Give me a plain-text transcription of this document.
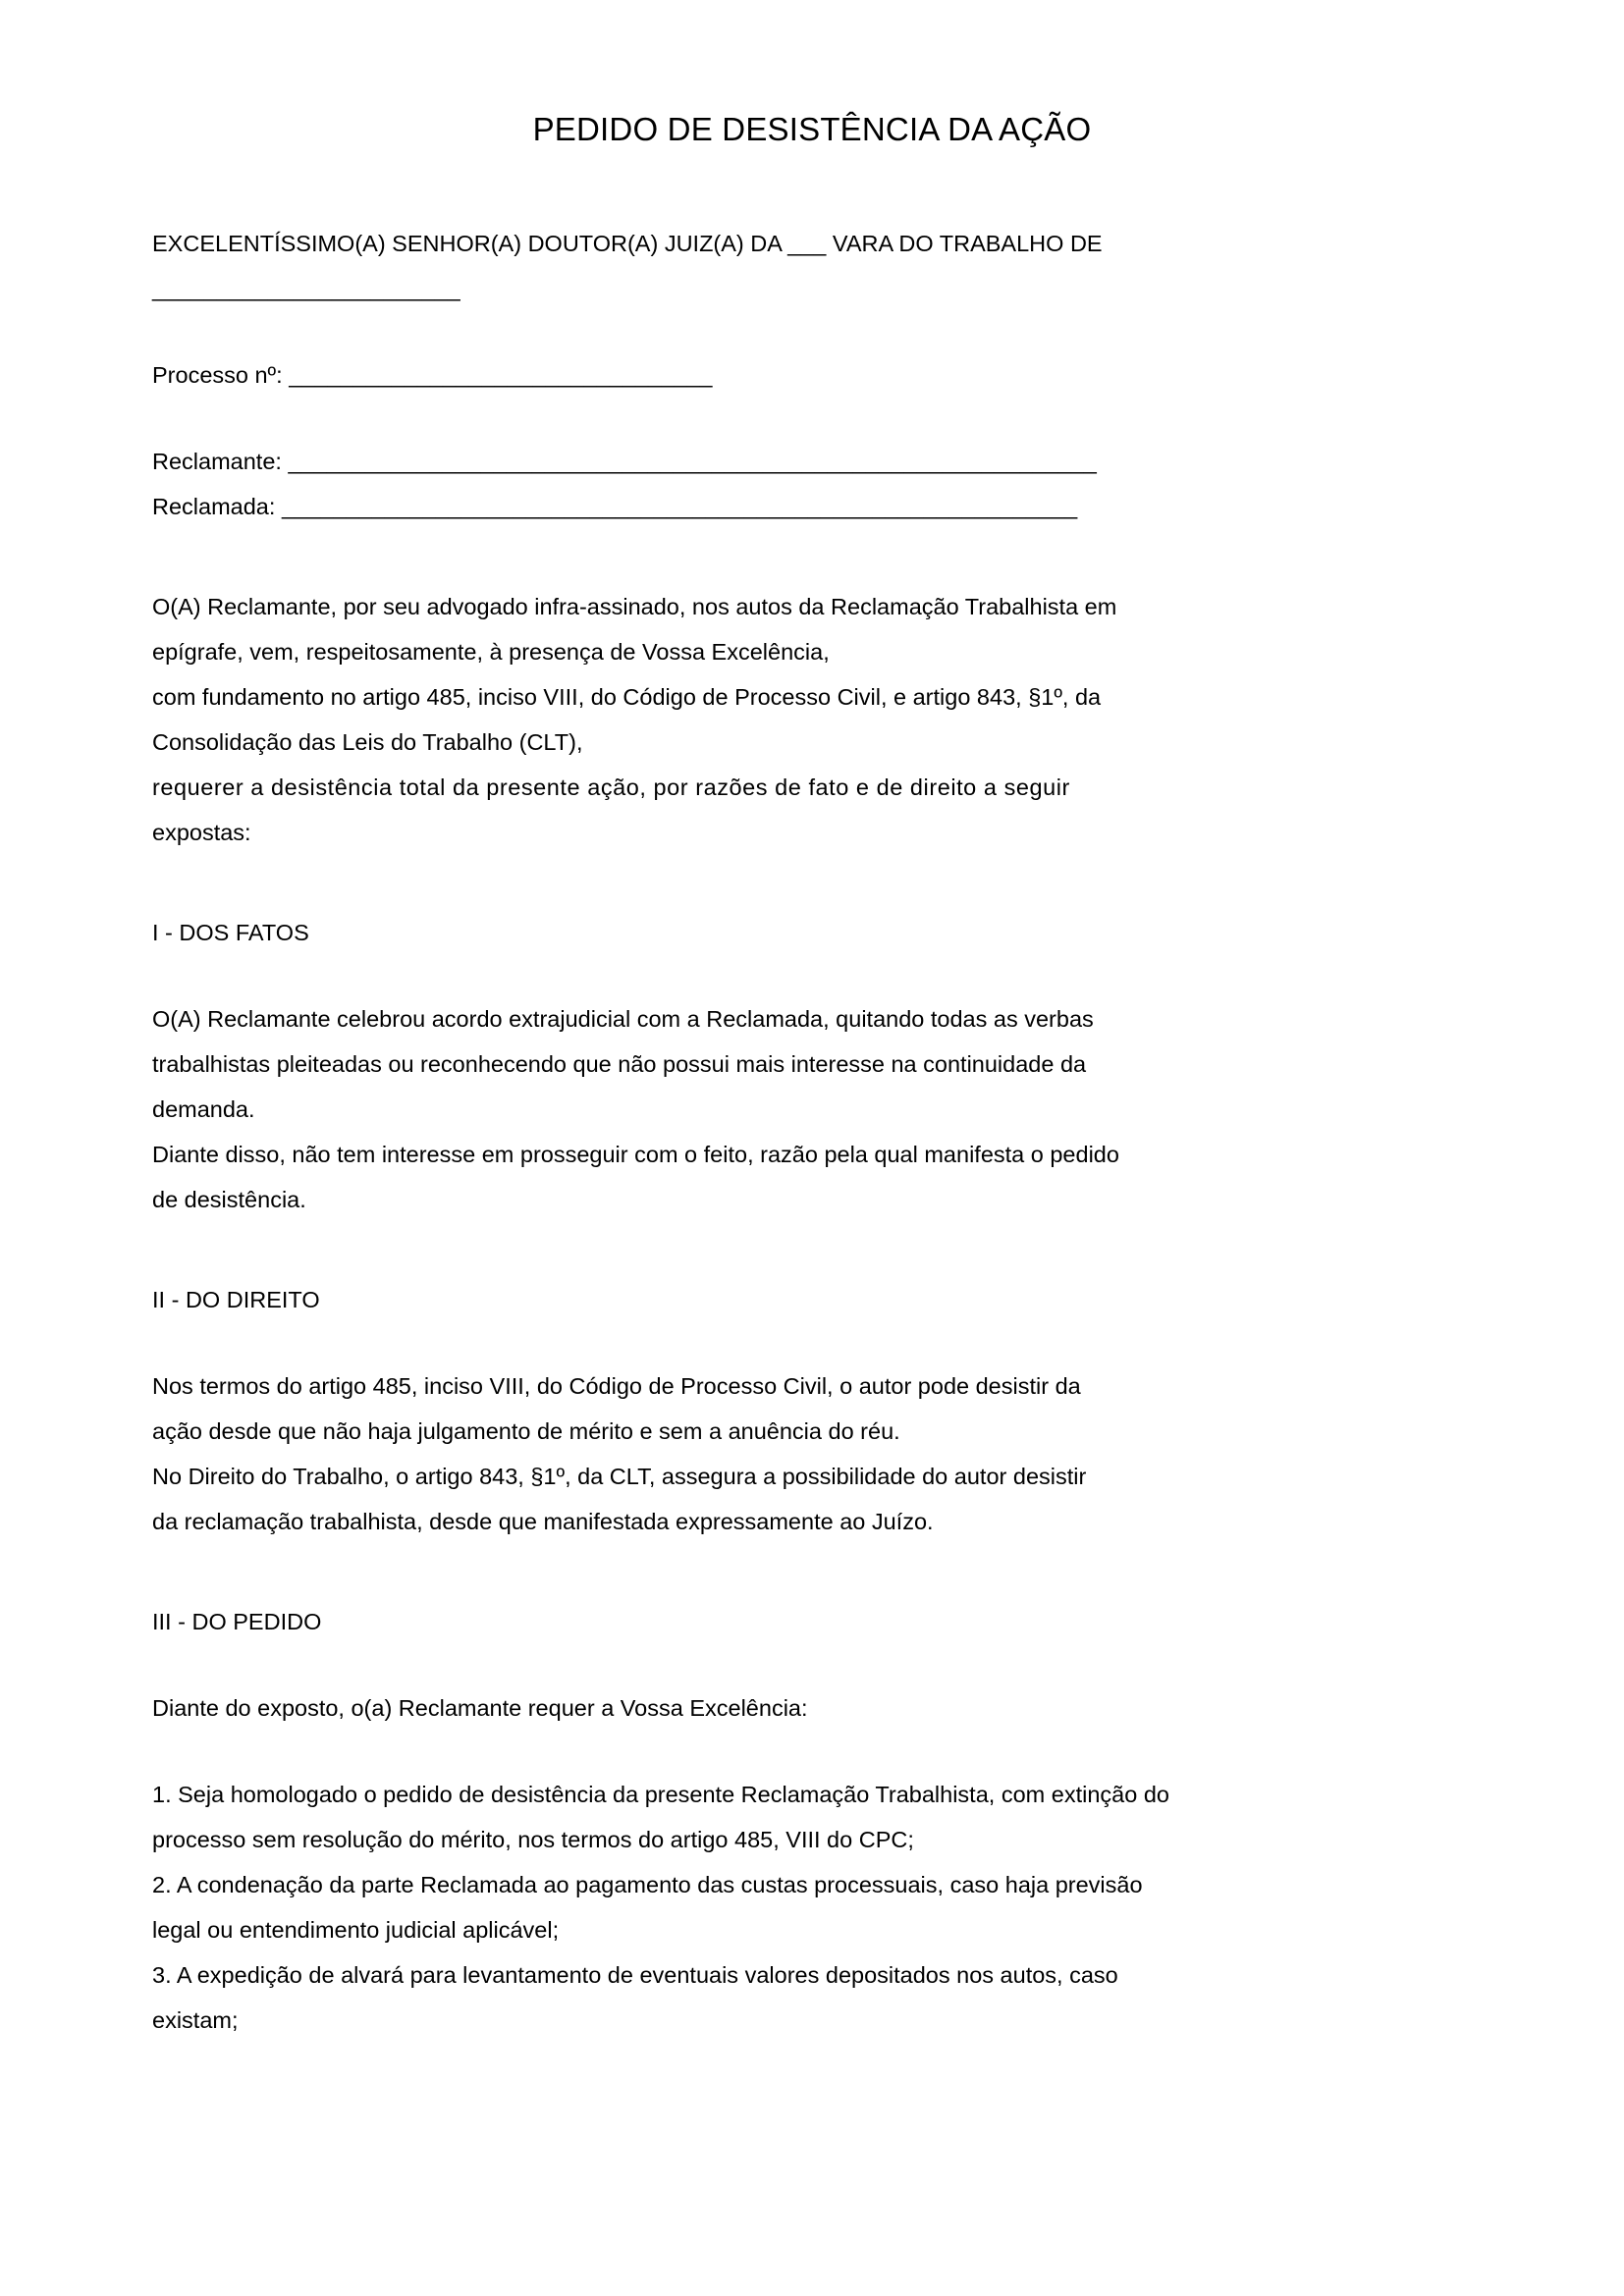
PEDIDO DE DESISTÊNCIA DA AÇÃO
EXCELENTÍSSIMO(A) SENHOR(A) DOUTOR(A) JUIZ(A) DA ___ VARA DO TRABALHO DE
________________________
Processo nº: _________________________________
Reclamante: _______________________________________________________________
Reclamada: ______________________________________________________________
O(A) Reclamante, por seu advogado infra-assinado, nos autos da Reclamação Trabalhista em
epígrafe, vem, respeitosamente, à presença de Vossa Excelência,
com fundamento no artigo 485, inciso VIII, do Código de Processo Civil, e artigo 843, §1º, da
Consolidação das Leis do Trabalho (CLT),
requerer a desistência total da presente ação, por razões de fato e de direito a seguir
expostas:
I - DOS FATOS
O(A) Reclamante celebrou acordo extrajudicial com a Reclamada, quitando todas as verbas
trabalhistas pleiteadas ou reconhecendo que não possui mais interesse na continuidade da
demanda.
Diante disso, não tem interesse em prosseguir com o feito, razão pela qual manifesta o pedido
de desistência.
II - DO DIREITO
Nos termos do artigo 485, inciso VIII, do Código de Processo Civil, o autor pode desistir da
ação desde que não haja julgamento de mérito e sem a anuência do réu.
No Direito do Trabalho, o artigo 843, §1º, da CLT, assegura a possibilidade do autor desistir
da reclamação trabalhista, desde que manifestada expressamente ao Juízo.
III - DO PEDIDO
Diante do exposto, o(a) Reclamante requer a Vossa Excelência:
1. Seja homologado o pedido de desistência da presente Reclamação Trabalhista, com extinção do
processo sem resolução do mérito, nos termos do artigo 485, VIII do CPC;
2. A condenação da parte Reclamada ao pagamento das custas processuais, caso haja previsão
legal ou entendimento judicial aplicável;
3. A expedição de alvará para levantamento de eventuais valores depositados nos autos, caso
existam;
